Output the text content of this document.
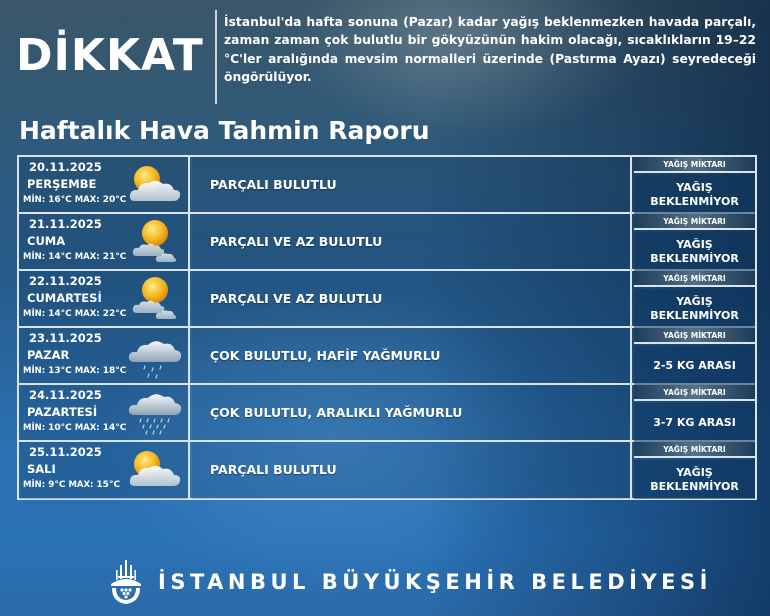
DİKKAT
İstanbul'da hafta sonuna (Pazar) kadar yağış beklenmezken havada parçalı, zaman zaman çok bulutlu bir gökyüzünün hakim olacağı, sıcaklıkların 19–22 °C'ler aralığında mevsim normalleri üzerinde (Pastırma Ayazı) seyredeceği öngörülüyor.
Haftalık Hava Tahmin Raporu
20.11.2025
PERŞEMBE
MİN: 16°C MAX: 20°C
PARÇALI BULUTLU
YAĞIŞ MİKTARI
YAĞIŞ BEKLENMİYOR
21.11.2025
CUMA
MİN: 14°C MAX: 21°C
PARÇALI VE AZ BULUTLU
YAĞIŞ MİKTARI
YAĞIŞ BEKLENMİYOR
22.11.2025
CUMARTESİ
MİN: 14°C MAX: 22°C
PARÇALI VE AZ BULUTLU
YAĞIŞ MİKTARI
YAĞIŞ BEKLENMİYOR
23.11.2025
PAZAR
MİN: 13°C MAX: 18°C
ÇOK BULUTLU, HAFİF YAĞMURLU
YAĞIŞ MİKTARI
2-5 KG ARASI
24.11.2025
PAZARTESİ
MİN: 10°C MAX: 14°C
ÇOK BULUTLU, ARALIKLI YAĞMURLU
YAĞIŞ MİKTARI
3-7 KG ARASI
25.11.2025
SALI
MİN: 9°C MAX: 15°C
PARÇALI BULUTLU
YAĞIŞ MİKTARI
YAĞIŞ BEKLENMİYOR
İSTANBUL BÜYÜKŞEHİR BELEDİYESİ
